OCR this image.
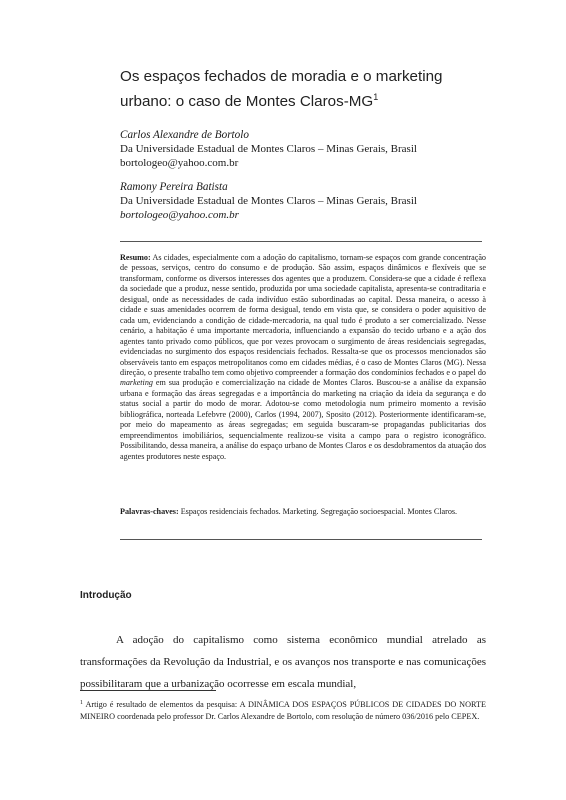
Os espaços fechados de moradia e o marketing
urbano: o caso de Montes Claros-$MG^1$
Carlos Alexandre de Bortolo
Da Universidade Estadual de Montes Claros – Minas Gerais, Brasil
bortologeo@yahoo.com.br
Ramony Pereira Batista
Da Universidade Estadual de Montes Claros – Minas Gerais, Brasil
bortologeo@yahoo.com.br
Resumo: As cidades, especialmente com a adoção do capitalismo, tornam-se espaços com grande concentração de pessoas, serviços, centro do consumo e de produção. São assim, espaços dinâmicos e flexíveis que se transformam, conforme os diversos interesses dos agentes que a produzem. Considera-se que a cidade é reflexa da sociedade que a produz, nesse sentido, produzida por uma sociedade capitalista, apresenta-se contraditaria e desigual, onde as necessidades de cada indivíduo estão subordinadas ao capital. Dessa maneira, o acesso à cidade e suas amenidades ocorrem de forma desigual, tendo em vista que, se considera o poder aquisitivo de cada um, evidenciando a condição de cidade-mercadoria, na qual tudo é produto a ser comercializado. Nesse cenário, a habitação é uma importante mercadoria, influenciando a expansão do tecido urbano e a ação dos agentes tanto privado como públicos, que por vezes provocam o surgimento de áreas residenciais segregadas, evidenciadas no surgimento dos espaços residenciais fechados. Ressalta-se que os processos mencionados são observáveis tanto em espaços metropolitanos como em cidades médias, é o caso de Montes Claros (MG). Nessa direção, o presente trabalho tem como objetivo compreender a formação dos condomínios fechados e o papel do marketing em sua produção e comercialização na cidade de Montes Claros. Buscou-se a análise da expansão urbana e formação das áreas segregadas e a importância do marketing na criação da ideia da segurança e do status social a partir do modo de morar. Adotou-se como metodologia num primeiro momento a revisão bibliográfica, norteada Lefebvre (2000), Carlos (1994, 2007), Sposito (2012). Posteriormente identificaram-se, por meio do mapeamento as áreas segregadas; em seguida buscaram-se propagandas publicitarias dos empreendimentos imobiliários, sequencialmente realizou-se visita a campo para o registro iconográfico. Possibilitando, dessa maneira, a análise do espaço urbano de Montes Claros e os desdobramentos da atuação dos agentes produtores neste espaço.
Palavras-chaves: Espaços residenciais fechados. Marketing. Segregação socioespacial. Montes Claros.
Introdução
A adoção do capitalismo como sistema econômico mundial atrelado as transformações da Revolução da Industrial, e os avanços nos transporte e nas comunicações possibilitaram que a urbanização ocorresse em escala mundial,
$^1$ Artigo é resultado de elementos da pesquisa: A DINÂMICA DOS ESPAÇOS PÚBLICOS DE CIDADES DO NORTE MINEIRO coordenada pelo professor Dr. Carlos Alexandre de Bortolo, com resolução de número 036/2016 pelo CEPEX.
